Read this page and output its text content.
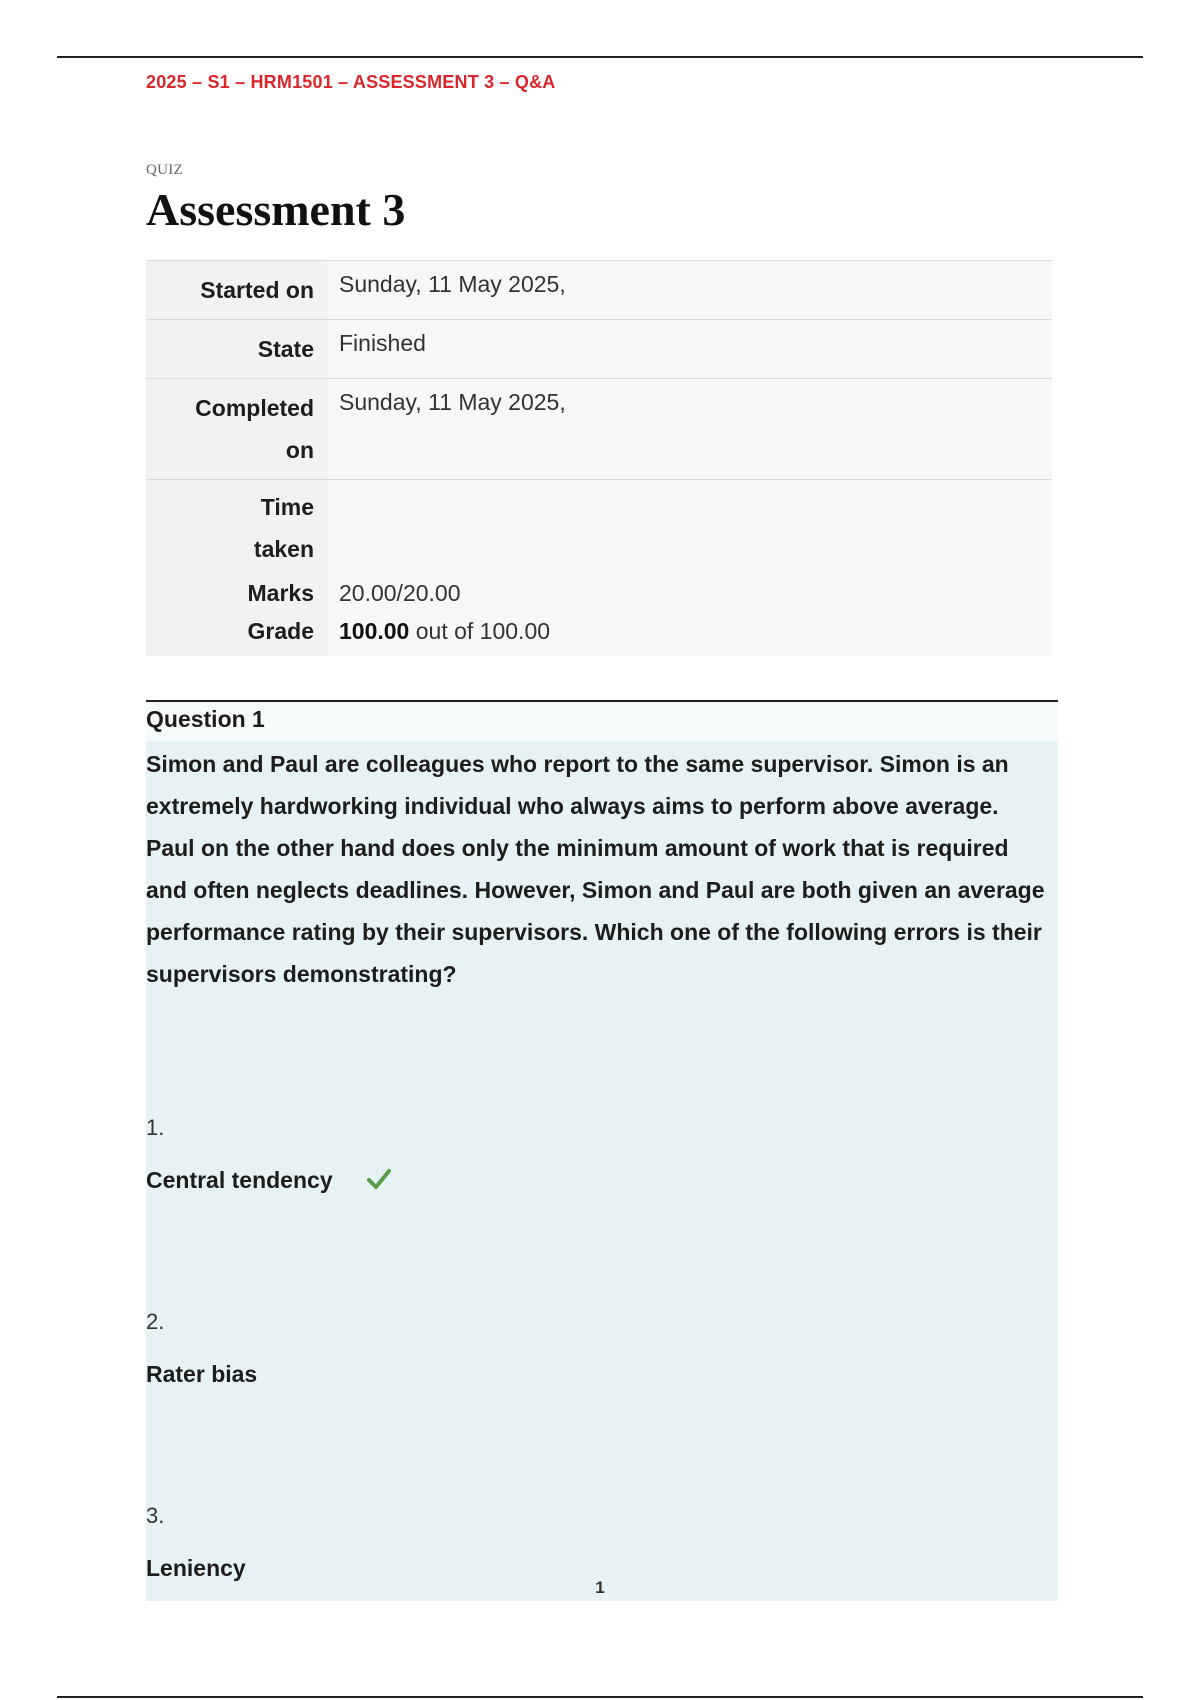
2025 – S1 – HRM1501 – ASSESSMENT 3 – Q&A
QUIZ
Assessment 3
Started on	Sunday, 11 May 2025,
State	Finished
Completed
on	Sunday, 11 May 2025,
Time
taken	
Marks	20.00/20.00
Grade	100.00 out of 100.00
Question 1

Simon and Paul are colleagues who report to the same supervisor. Simon is an extremely hardworking individual who always aims to perform above average. Paul on the other hand does only the minimum amount of work that is required and often neglects deadlines. However, Simon and Paul are both given an average performance rating by their supervisors. Which one of the following errors is their supervisors demonstrating?

1.
Central tendency
2.
Rater bias
3.
Leniency
1
